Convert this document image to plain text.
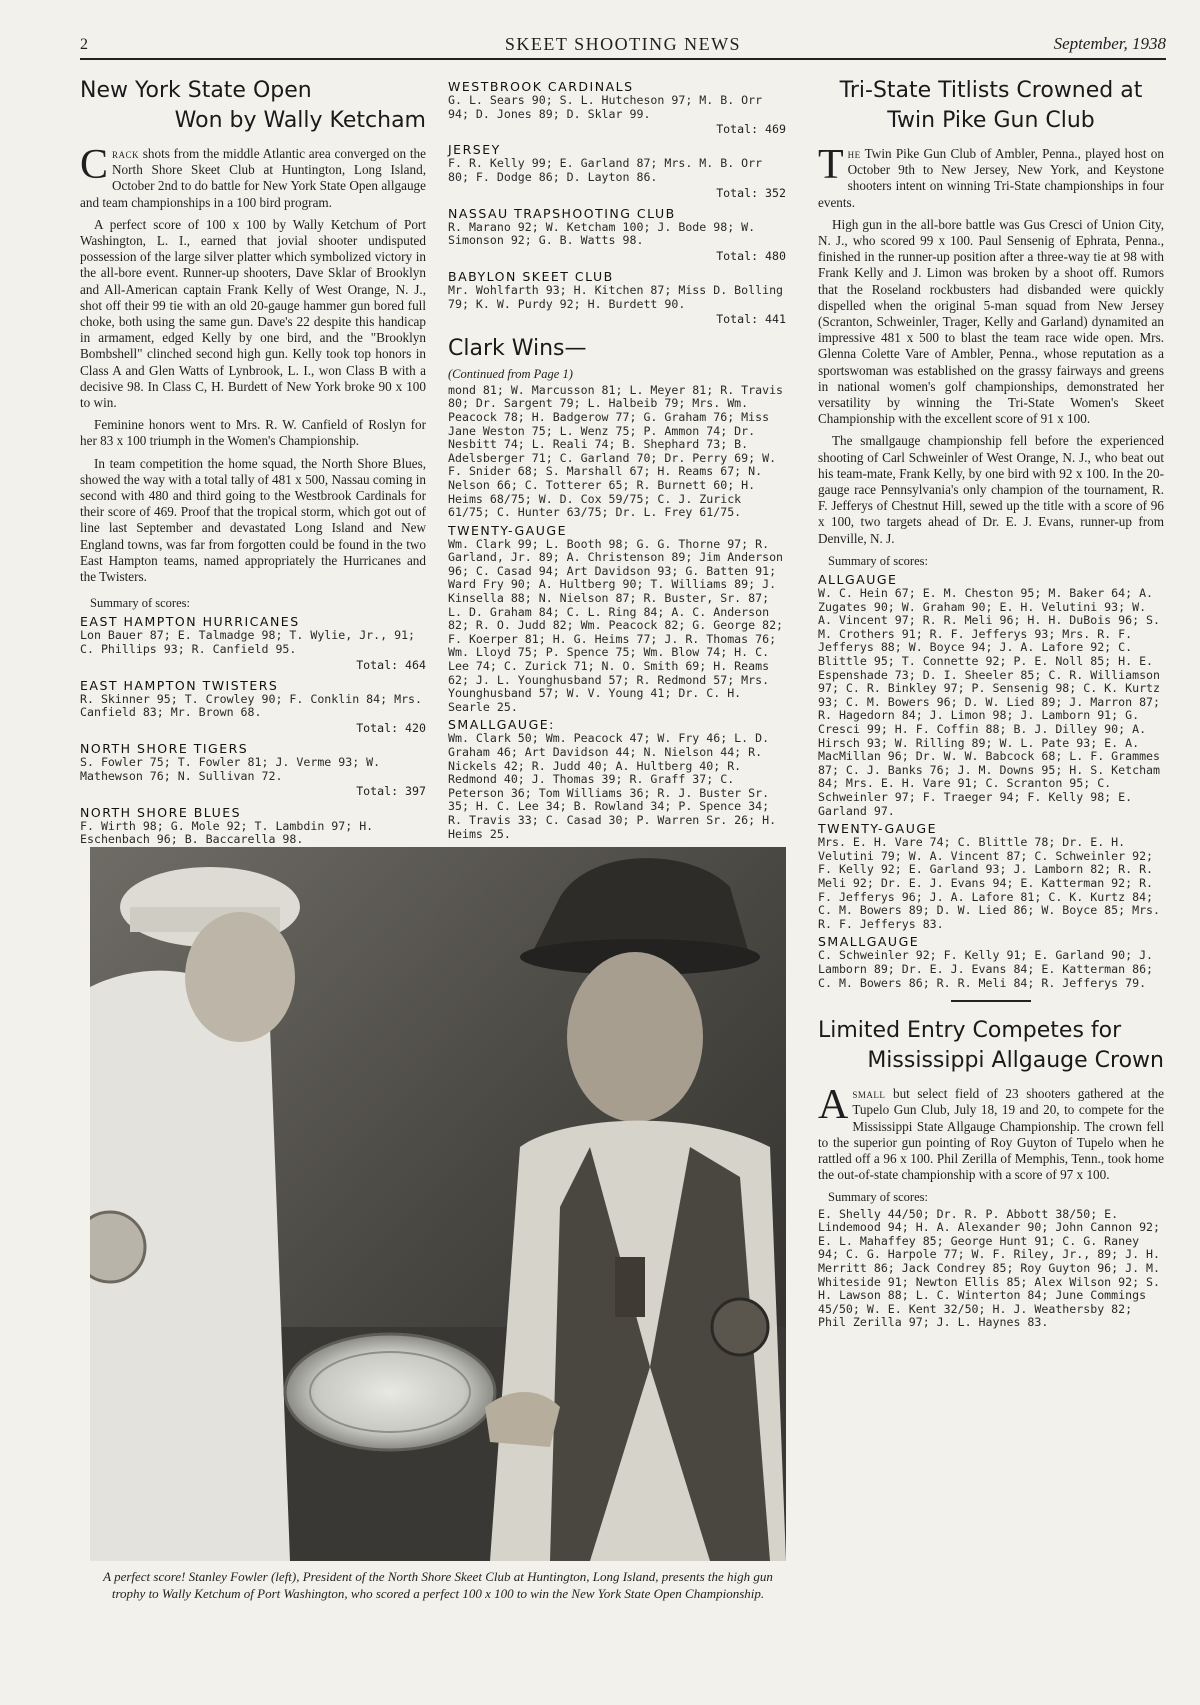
2	SKEET SHOOTING NEWS	September, 1938
New York State Open
Won by Wally Ketcham

Crack shots from the middle Atlantic area converged on the North Shore Skeet Club at Huntington, Long Island, October 2nd to do battle for New York State Open allgauge and team championships in a 100 bird program.

A perfect score of 100 x 100 by Wally Ketchum of Port Washington, L. I., earned that jovial shooter undisputed possession of the large silver platter which symbolized victory in the all-bore event. Runner-up shooters, Dave Sklar of Brooklyn and All-American captain Frank Kelly of West Orange, N. J., shot off their 99 tie with an old 20-gauge hammer gun bored full choke, both using the same gun. Dave's 22 despite this handicap in armament, edged Kelly by one bird, and the "Brooklyn Bombshell" clinched second high gun. Kelly took top honors in Class A and Glen Watts of Lynbrook, L. I., won Class B with a decisive 98. In Class C, H. Burdett of New York broke 90 x 100 to win.

Feminine honors went to Mrs. R. W. Canfield of Roslyn for her 83 x 100 triumph in the Women's Championship.

In team competition the home squad, the North Shore Blues, showed the way with a total tally of 481 x 500, Nassau coming in second with 480 and third going to the Westbrook Cardinals for their score of 469. Proof that the tropical storm, which got out of line last September and devastated Long Island and New England towns, was far from forgotten could be found in the two East Hampton teams, named appropriately the Hurricanes and the Twisters.

Summary of scores:
EAST HAMPTON HURRICANES
Lon Bauer 87; E. Talmadge 98; T. Wylie, Jr., 91; C. Phillips 93; R. Canfield 95.
Total: 464
EAST HAMPTON TWISTERS
R. Skinner 95; T. Crowley 90; F. Conklin 84; Mrs. Canfield 83; Mr. Brown 68.
Total: 420
NORTH SHORE TIGERS
S. Fowler 75; T. Fowler 81; J. Verme 93; W. Mathewson 76; N. Sullivan 72.
Total: 397
NORTH SHORE BLUES
F. Wirth 98; G. Mole 92; T. Lambdin 97; H. Eschenbach 96; B. Baccarella 98.
WESTBROOK CARDINALS
G. L. Sears 90; S. L. Hutcheson 97; M. B. Orr 94; D. Jones 89; D. Sklar 99.
Total: 469
JERSEY
F. R. Kelly 99; E. Garland 87; Mrs. M. B. Orr 80; F. Dodge 86; D. Layton 86.
Total: 352
NASSAU TRAPSHOOTING CLUB
R. Marano 92; W. Ketcham 100; J. Bode 98; W. Simonson 92; G. B. Watts 98.
Total: 480
BABYLON SKEET CLUB
Mr. Wohlfarth 93; H. Kitchen 87; Miss D. Bolling 79; K. W. Purdy 92; H. Burdett 90.
Total: 441
Clark Wins—
(Continued from Page 1)
mond 81; W. Marcusson 81; L. Meyer 81; R. Travis 80; Dr. Sargent 79; L. Halbeib 79; Mrs. Wm. Peacock 78; H. Badgerow 77; G. Graham 76; Miss Jane Weston 75; L. Wenz 75; P. Ammon 74; Dr. Nesbitt 74; L. Reali 74; B. Shephard 73; B. Adelsberger 71; C. Garland 70; Dr. Perry 69; W. F. Snider 68; S. Marshall 67; H. Reams 67; N. Nelson 66; C. Totterer 65; R. Burnett 60; H. Heims 68/75; W. D. Cox 59/75; C. J. Zurick 61/75; C. Hunter 63/75; Dr. L. Frey 61/75.
TWENTY-GAUGE
Wm. Clark 99; L. Booth 98; G. G. Thorne 97; R. Garland, Jr. 89; A. Christenson 89; Jim Anderson 96; C. Casad 94; Art Davidson 93; G. Batten 91; Ward Fry 90; A. Hultberg 90; T. Williams 89; J. Kinsella 88; N. Nielson 87; R. Buster, Sr. 87; L. D. Graham 84; C. L. Ring 84; A. C. Anderson 82; R. O. Judd 82; Wm. Peacock 82; G. George 82; F. Koerper 81; H. G. Heims 77; J. R. Thomas 76; Wm. Lloyd 75; P. Spence 75; Wm. Blow 74; H. C. Lee 74; C. Zurick 71; N. O. Smith 69; H. Reams 62; J. L. Younghusband 57; R. Redmond 57; Mrs. Younghusband 57; W. V. Young 41; Dr. C. H. Searle 25.
SMALLGAUGE:
Wm. Clark 50; Wm. Peacock 47; W. Fry 46; L. D. Graham 46; Art Davidson 44; N. Nielson 44; R. Nickels 42; R. Judd 40; A. Hultberg 40; R. Redmond 40; J. Thomas 39; R. Graff 37; C. Peterson 36; Tom Williams 36; R. J. Buster Sr. 35; H. C. Lee 34; B. Rowland 34; P. Spence 34; R. Travis 33; C. Casad 30; P. Warren Sr. 26; H. Heims 25.
A perfect score! Stanley Fowler (left), President of the North Shore Skeet Club at Huntington, Long Island, presents the high gun trophy to Wally Ketchum of Port Washington, who scored a perfect 100 x 100 to win the New York State Open Championship.
Tri-State Titlists Crowned at
Twin Pike Gun Club

The Twin Pike Gun Club of Ambler, Penna., played host on October 9th to New Jersey, New York, and Keystone shooters intent on winning Tri-State championships in four events.

High gun in the all-bore battle was Gus Cresci of Union City, N. J., who scored 99 x 100. Paul Sensenig of Ephrata, Penna., finished in the runner-up position after a three-way tie at 98 with Frank Kelly and J. Limon was broken by a shoot off. Rumors that the Roseland rockbusters had disbanded were quickly dispelled when the original 5-man squad from New Jersey (Scranton, Schweinler, Trager, Kelly and Garland) dynamited an impressive 481 x 500 to blast the team race wide open. Mrs. Glenna Colette Vare of Ambler, Penna., whose reputation as a sportswoman was established on the grassy fairways and greens in national women's golf championships, demonstrated her versatility by winning the Tri-State Women's Skeet Championship with the excellent score of 91 x 100.

The smallgauge championship fell before the experienced shooting of Carl Schweinler of West Orange, N. J., who beat out his team-mate, Frank Kelly, by one bird with 92 x 100. In the 20-gauge race Pennsylvania's only champion of the tournament, R. F. Jefferys of Chestnut Hill, sewed up the title with a score of 96 x 100, two targets ahead of Dr. E. J. Evans, runner-up from Denville, N. J.

Summary of scores:
ALLGAUGE
W. C. Hein 67; E. M. Cheston 95; M. Baker 64; A. Zugates 90; W. Graham 90; E. H. Velutini 93; W. A. Vincent 97; R. R. Meli 96; H. H. DuBois 96; S. M. Crothers 91; R. F. Jefferys 93; Mrs. R. F. Jefferys 88; W. Boyce 94; J. A. Lafore 92; C. Blittle 95; T. Connette 92; P. E. Noll 85; H. E. Espenshade 73; D. I. Sheeler 85; C. R. Williamson 97; C. R. Binkley 97; P. Sensenig 98; C. K. Kurtz 93; C. M. Bowers 96; D. W. Lied 89; J. Marron 87; R. Hagedorn 84; J. Limon 98; J. Lamborn 91; G. Cresci 99; H. F. Coffin 88; B. J. Dilley 90; A. Hirsch 93; W. Rilling 89; W. L. Pate 93; E. A. MacMillan 96; Dr. W. W. Babcock 68; L. F. Grammes 87; C. J. Banks 76; J. M. Downs 95; H. S. Ketcham 84; Mrs. E. H. Vare 91; C. Scranton 95; C. Schweinler 97; F. Traeger 94; F. Kelly 98; E. Garland 97.
TWENTY-GAUGE
Mrs. E. H. Vare 74; C. Blittle 78; Dr. E. H. Velutini 79; W. A. Vincent 87; C. Schweinler 92; F. Kelly 92; E. Garland 93; J. Lamborn 82; R. R. Meli 92; Dr. E. J. Evans 94; E. Katterman 92; R. F. Jefferys 96; J. A. Lafore 81; C. K. Kurtz 84; C. M. Bowers 89; D. W. Lied 86; W. Boyce 85; Mrs. R. F. Jefferys 83.
SMALLGAUGE
C. Schweinler 92; F. Kelly 91; E. Garland 90; J. Lamborn 89; Dr. E. J. Evans 84; E. Katterman 86; C. M. Bowers 86; R. R. Meli 84; R. Jefferys 79.
Limited Entry Competes for
Mississippi Allgauge Crown

Asmall but select field of 23 shooters gathered at the Tupelo Gun Club, July 18, 19 and 20, to compete for the Mississippi State Allgauge Championship. The crown fell to the superior gun pointing of Roy Guyton of Tupelo when he rattled off a 96 x 100. Phil Zerilla of Memphis, Tenn., took home the out-of-state championship with a score of 97 x 100.

Summary of scores:
E. Shelly 44/50; Dr. R. P. Abbott 38/50; E. Lindemood 94; H. A. Alexander 90; John Cannon 92; E. L. Mahaffey 85; George Hunt 91; C. G. Raney 94; C. G. Harpole 77; W. F. Riley, Jr., 89; J. H. Merritt 86; Jack Condrey 85; Roy Guyton 96; J. M. Whiteside 91; Newton Ellis 85; Alex Wilson 92; S. H. Lawson 88; L. C. Winterton 84; June Commings 45/50; W. E. Kent 32/50; H. J. Weathersby 82; Phil Zerilla 97; J. L. Haynes 83.
